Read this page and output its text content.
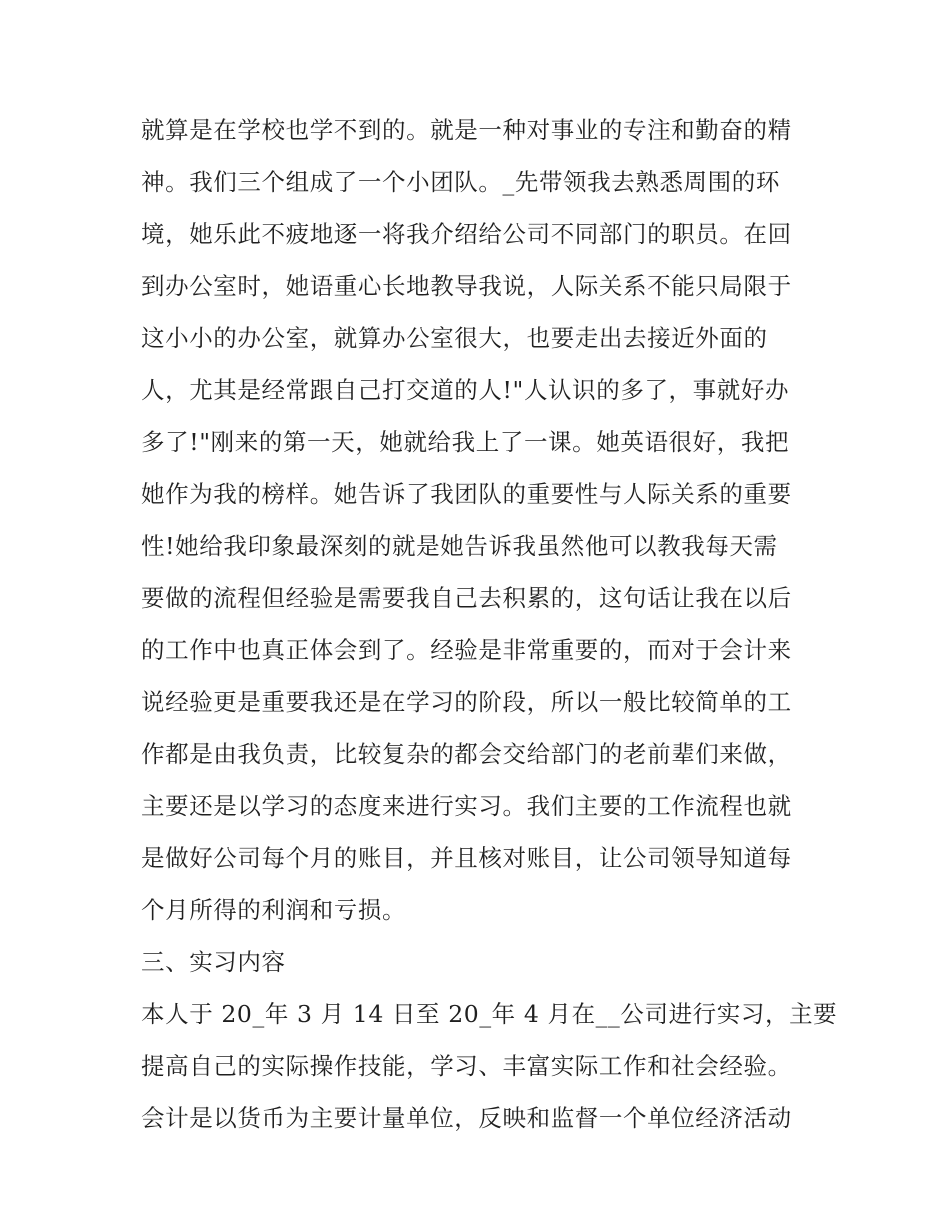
就算是在学校也学不到的。就是一种对事业的专注和勤奋的精
神。我们三个组成了一个小团队。_先带领我去熟悉周围的环
境，她乐此不疲地逐一将我介绍给公司不同部门的职员。在回
到办公室时，她语重心长地教导我说，人际关系不能只局限于
这小小的办公室，就算办公室很大，也要走出去接近外面的
人，尤其是经常跟自己打交道的人!"人认识的多了，事就好办
多了!"刚来的第一天，她就给我上了一课。她英语很好，我把
她作为我的榜样。她告诉了我团队的重要性与人际关系的重要
性!她给我印象最深刻的就是她告诉我虽然他可以教我每天需
要做的流程但经验是需要我自己去积累的，这句话让我在以后
的工作中也真正体会到了。经验是非常重要的，而对于会计来
说经验更是重要我还是在学习的阶段，所以一般比较简单的工
作都是由我负责，比较复杂的都会交给部门的老前辈们来做，
主要还是以学习的态度来进行实习。我们主要的工作流程也就
是做好公司每个月的账目，并且核对账目，让公司领导知道每
个月所得的利润和亏损。
三、实习内容
本人于 20_年 3 月 14 日至 20_年 4 月在__公司进行实习，主要
提高自己的实际操作技能，学习、丰富实际工作和社会经验。
会计是以货币为主要计量单位，反映和监督一个单位经济活动
